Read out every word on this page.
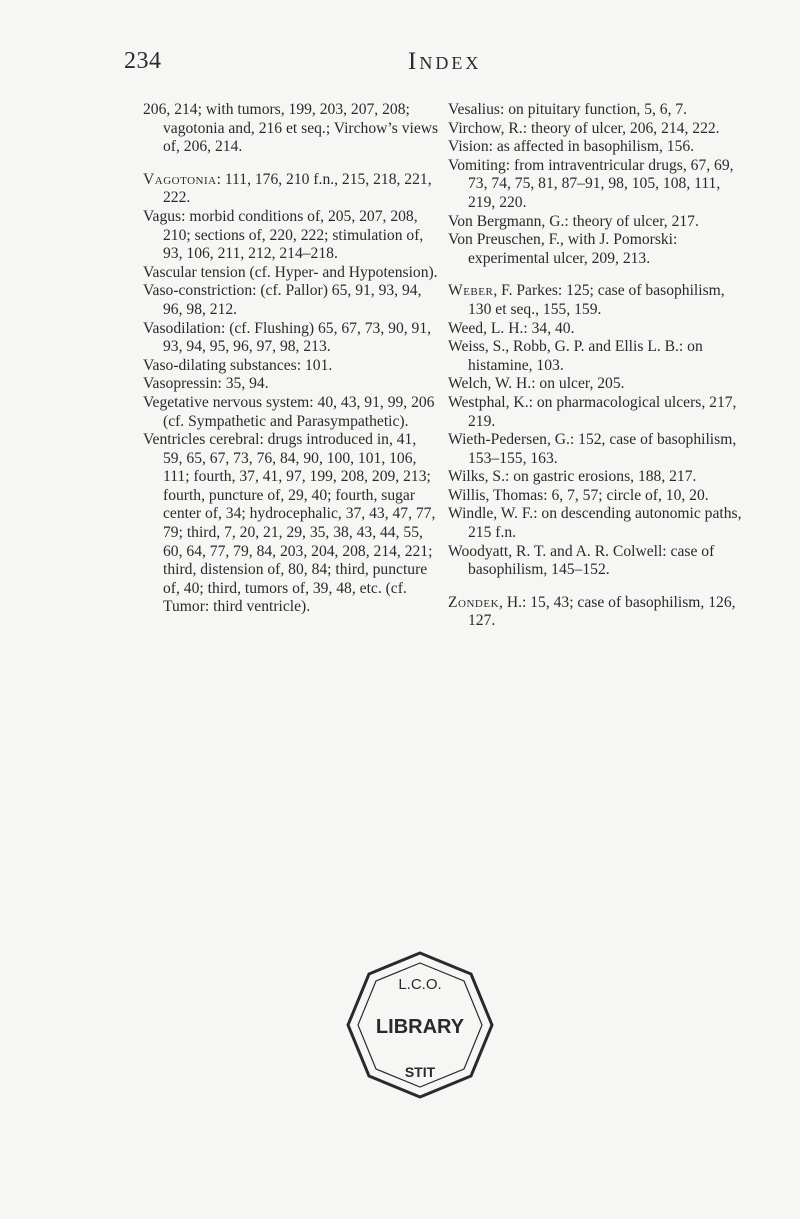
234	Index

206, 214; with tumors, 199, 203, 207, 208; vagotonia and, 216 et seq.; Virchow’s views of, 206, 214.

Vagotonia: 111, 176, 210 f.n., 215, 218, 221, 222.

Vagus: morbid conditions of, 205, 207, 208, 210; sections of, 220, 222; stimulation of, 93, 106, 211, 212, 214–218.

Vascular tension (cf. Hyper- and Hypotension).

Vaso-constriction: (cf. Pallor) 65, 91, 93, 94, 96, 98, 212.

Vasodilation: (cf. Flushing) 65, 67, 73, 90, 91, 93, 94, 95, 96, 97, 98, 213.

Vaso-dilating substances: 101.

Vasopressin: 35, 94.

Vegetative nervous system: 40, 43, 91, 99, 206 (cf. Sympathetic and Parasympathetic).

Ventricles cerebral: drugs introduced in, 41, 59, 65, 67, 73, 76, 84, 90, 100, 101, 106, 111; fourth, 37, 41, 97, 199, 208, 209, 213; fourth, puncture of, 29, 40; fourth, sugar center of, 34; hydrocephalic, 37, 43, 47, 77, 79; third, 7, 20, 21, 29, 35, 38, 43, 44, 55, 60, 64, 77, 79, 84, 203, 204, 208, 214, 221; third, distension of, 80, 84; third, puncture of, 40; third, tumors of, 39, 48, etc. (cf. Tumor: third ventricle).

Vesalius: on pituitary function, 5, 6, 7.

Virchow, R.: theory of ulcer, 206, 214, 222.

Vision: as affected in basophilism, 156.

Vomiting: from intraventricular drugs, 67, 69, 73, 74, 75, 81, 87–91, 98, 105, 108, 111, 219, 220.

Von Bergmann, G.: theory of ulcer, 217.

Von Preuschen, F., with J. Pomorski: experimental ulcer, 209, 213.

Weber, F. Parkes: 125; case of basophilism, 130 et seq., 155, 159.

Weed, L. H.: 34, 40.

Weiss, S., Robb, G. P. and Ellis L. B.: on histamine, 103.

Welch, W. H.: on ulcer, 205.

Westphal, K.: on pharmacological ulcers, 217, 219.

Wieth-Pedersen, G.: 152, case of basophilism, 153–155, 163.

Wilks, S.: on gastric erosions, 188, 217.

Willis, Thomas: 6, 7, 57; circle of, 10, 20.

Windle, W. F.: on descending autonomic paths, 215 f.n.

Woodyatt, R. T. and A. R. Colwell: case of basophilism, 145–152.

Zondek, H.: 15, 43; case of basophilism, 126, 127.

L.C.O.
LIBRARY
STIT
